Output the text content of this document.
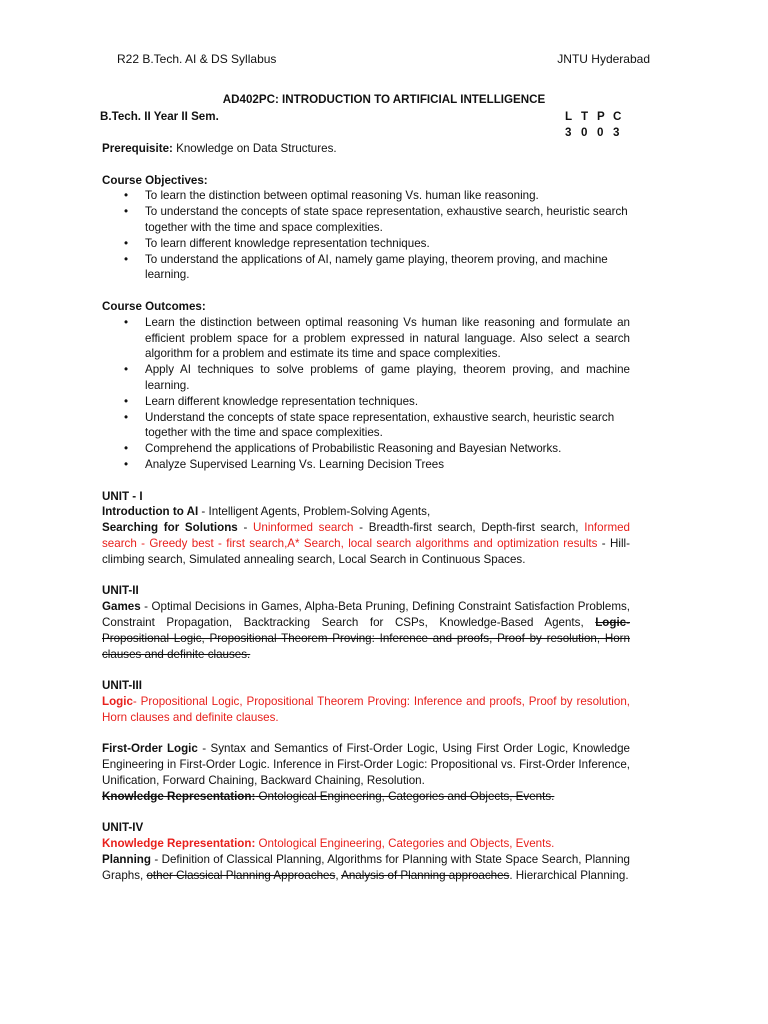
R22 B.Tech. AI & DS Syllabus	JNTU Hyderabad
AD402PC: INTRODUCTION TO ARTIFICIAL INTELLIGENCE
B.Tech. II Year II Sem.	L T P C
3 0 0 3

Prerequisite: Knowledge on Data Structures.

Course Objectives:

• To learn the distinction between optimal reasoning Vs. human like reasoning.
• To understand the concepts of state space representation, exhaustive search, heuristic search together with the time and space complexities.
• To learn different knowledge representation techniques.
• To understand the applications of AI, namely game playing, theorem proving, and machine learning.

Course Outcomes:

• Learn the distinction between optimal reasoning Vs human like reasoning and formulate an efficient problem space for a problem expressed in natural language. Also select a search algorithm for a problem and estimate its time and space complexities.
• Apply AI techniques to solve problems of game playing, theorem proving, and machine learning.
• Learn different knowledge representation techniques.
• Understand the concepts of state space representation, exhaustive search, heuristic search together with the time and space complexities.
• Comprehend the applications of Probabilistic Reasoning and Bayesian Networks.
• Analyze Supervised Learning Vs. Learning Decision Trees

UNIT - I

Introduction to AI - Intelligent Agents, Problem-Solving Agents,

Searching for Solutions - Uninformed search - Breadth-first search, Depth-first search, Informed search - Greedy best - first search,A* Search, local search algorithms and optimization results - Hill-climbing search, Simulated annealing search, Local Search in Continuous Spaces.

UNIT-II

Games - Optimal Decisions in Games, Alpha-Beta Pruning, Defining Constraint Satisfaction Problems, Constraint Propagation, Backtracking Search for CSPs, Knowledge-Based Agents, Logic- Propositional Logic, Propositional Theorem Proving: Inference and proofs, Proof by resolution, Horn clauses and definite clauses.

UNIT-III

Logic- Propositional Logic, Propositional Theorem Proving: Inference and proofs, Proof by resolution, Horn clauses and definite clauses.

First-Order Logic - Syntax and Semantics of First-Order Logic, Using First Order Logic, Knowledge Engineering in First-Order Logic. Inference in First-Order Logic: Propositional vs. First-Order Inference, Unification, Forward Chaining, Backward Chaining, Resolution.

Knowledge Representation: Ontological Engineering, Categories and Objects, Events.

UNIT-IV

Knowledge Representation: Ontological Engineering, Categories and Objects, Events.

Planning - Definition of Classical Planning, Algorithms for Planning with State Space Search, Planning Graphs, other Classical Planning Approaches, Analysis of Planning approaches. Hierarchical Planning.
